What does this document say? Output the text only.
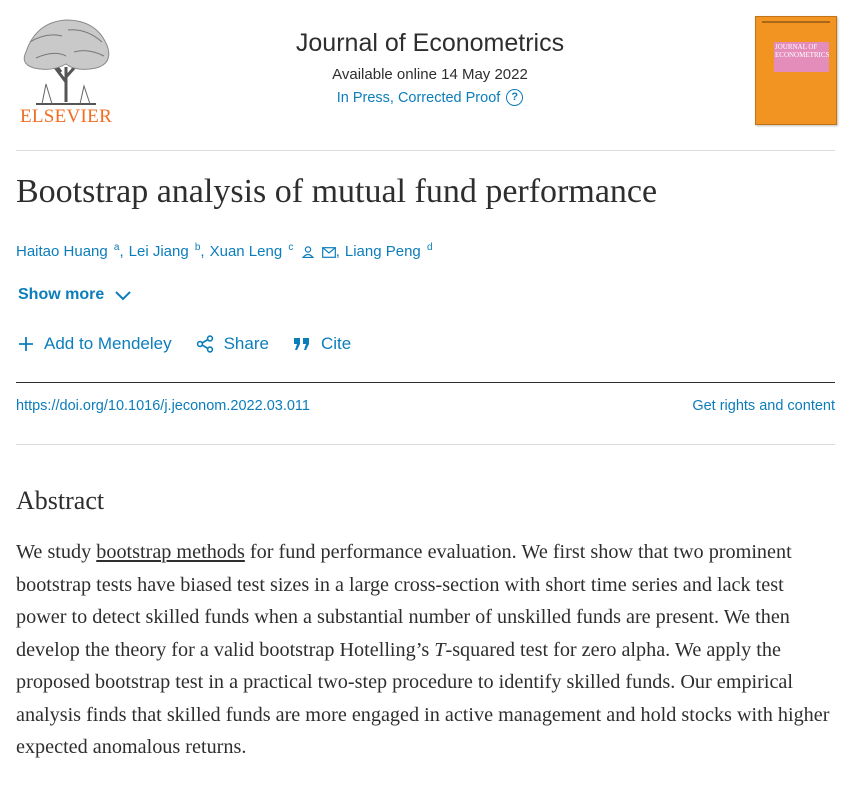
ELSEVIER
Journal of Econometrics
Available online 14 May 2022
In Press, Corrected Proof	?
JOURNAL OF ECONOMETRICS
Bootstrap analysis of mutual fund performance
Haitao Huang $^a$ , Lei Jiang $^b$ , Xuan Leng $^c$	, Liang Peng $^d$
Show more
Add to Mendeley	Share	Cite
https://doi.org/10.1016/j.jeconom.2022.03.011	Get rights and content
Abstract

We study bootstrap methods for fund performance evaluation. We first show that two prominent bootstrap tests have biased test sizes in a large cross-section with short time series and lack test power to detect skilled funds when a substantial number of unskilled funds are present. We then develop the theory for a valid bootstrap Hotelling’s T-squared test for zero alpha. We apply the proposed bootstrap test in a practical two-step procedure to identify skilled funds. Our empirical analysis finds that skilled funds are more engaged in active management and hold stocks with higher expected anomalous returns.
